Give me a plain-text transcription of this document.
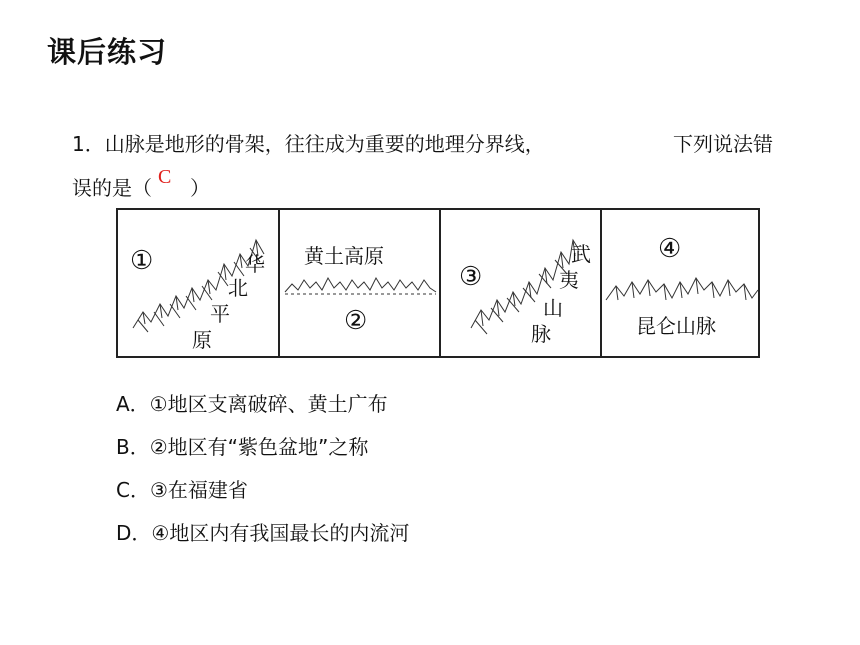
课后练习
1．山脉是地形的骨架，往往成为重要的地理分界线，	下列说法错
误的是（ C ）
①	华
北
平
原
黄土高原
②
③
武
夷
山
脉
④
昆仑山脉
A．①地区支离破碎、黄土广布
B．②地区有“紫色盆地”之称
C．③在福建省
D．④地区内有我国最长的内流河
